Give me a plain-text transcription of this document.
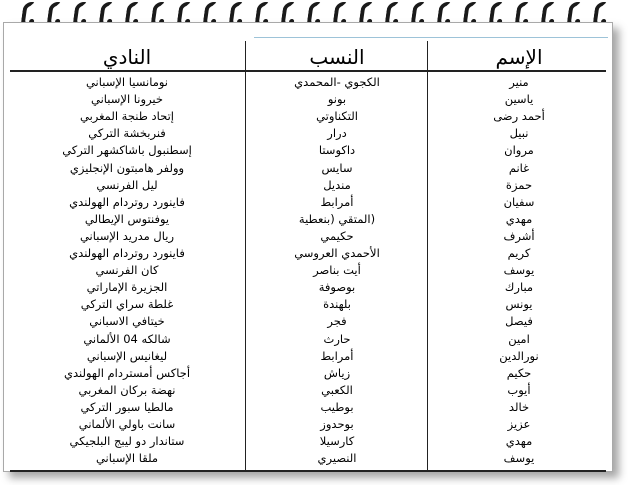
الإسم
النسب
النادي
منير
الكجوي -المحمدي
نومانسيا الإسباني
ياسين
بونو
خيرونا الإسباني
أحمد رضى
التكناوتي
إتحاد طنجة المغربي
نبيل
درار
فنربخشة التركي
مروان
داكوستا
إسطنبول باشاكشهر التركي
غانم
سايس
وولفر هامبتون الإنجليزي
حمزة
منديل
ليل الفرنسي
سفيان
أمرابط
فاينورد روتردام الهولندي
مهدي
(المتقي (بنعطية
يوفنتوس الإيطالي
أشرف
حكيمي
ريال مدريد الإسباني
كريم
الأحمدي العروسي
فاينورد روتردام الهولندي
يوسف
أيت بناصر
كان الفرنسي
مبارك
بوصوفة
الجزيرة الإماراتي
يونس
بلهندة
غلطة سراي التركي
فيصل
فجر
خيتافي الاسباني
امين
حارث
شالكه 04 الألماني
نورالدين
أمرابط
ليغانيس الإسباني
حكيم
زياش
أجاكس أمستردام الهولندي
أيوب
الكعبي
نهضة بركان المغربي
خالد
بوطيب
مالطيا سبور التركي
عزيز
بوحدوز
سانت باولي الألماني
مهدي
كارسيلا
ستاندار دو ليبج البلجيكي
يوسف
النصيري
ملقا الإسباني
